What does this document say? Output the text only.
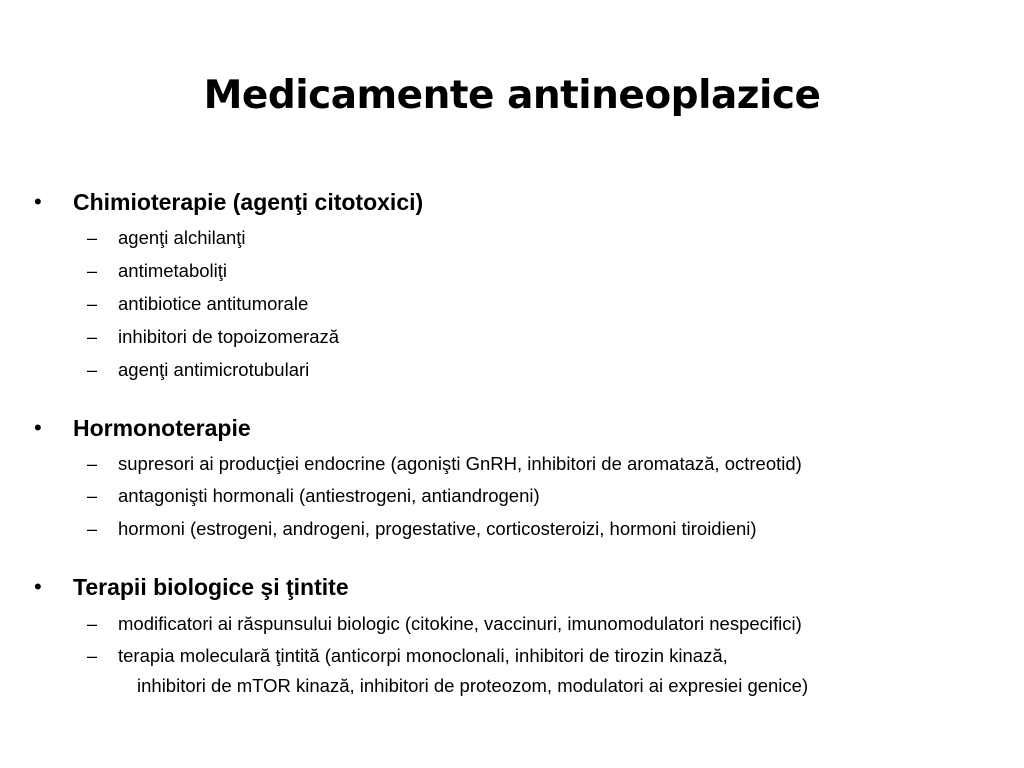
Medicamente antineoplazice
• Chimioterapie (agenţi citotoxici)
– agenţi alchilanţi
– antimetaboliţi
– antibiotice antitumorale
– inhibitori de topoizomerază
– agenţi antimicrotubulari
• Hormonoterapie
– supresori ai producţiei endocrine (agonişti GnRH, inhibitori de aromatază, octreotid)
– antagonişti hormonali (antiestrogeni, antiandrogeni)
– hormoni (estrogeni, androgeni, progestative, corticosteroizi, hormoni tiroidieni)
• Terapii biologice şi ţintite
– modificatori ai răspunsului biologic (citokine, vaccinuri, imunomodulatori nespecifici)
– terapia moleculară ţintită (anticorpi monoclonali, inhibitori de tirozin kinază,
inhibitori de mTOR kinază, inhibitori de proteozom, modulatori ai expresiei genice)
